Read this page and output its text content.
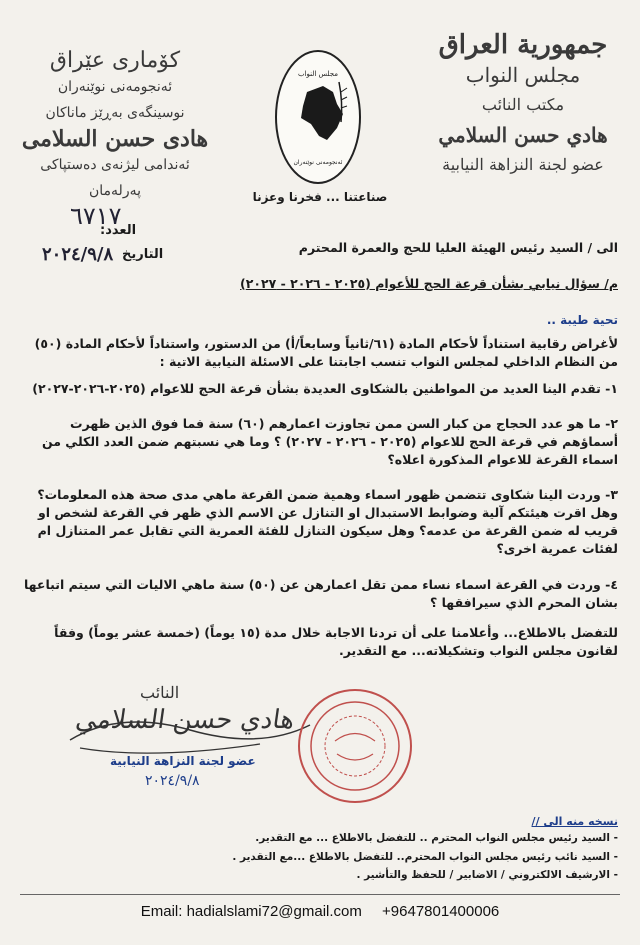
جمهورية العراق
مجلس النواب
مكتب النائب
هادي حسن السلامي
عضو لجنة النزاهة النيابية
کۆماری عێراق
ئەنجومەنی نوێنەران
نوسینگەی بەڕێز ماناکان
هادی حسن السلامی
ئەندامی لیژنەی دەستپاکی پەرلەمان
مجلس النواب
ئەنجومەنی نوێنەران
صناعتنا ... فخرنا وعزنا
٦٧١٧
العدد:
٢٠٢٤/٩/٨ التاريخ	الى / السيد رئيس الهيئة العليا للحج والعمرة المحترم
م/ سؤال نيابي بشأن قرعة الحج للأعوام (٢٠٢٥ - ٢٠٢٦ - ٢٠٢٧)
تحية طيبة ..
لأغراض رقابية استناداً لأحكام المادة (٦١/ثانياً وسابعاً/أ) من الدستور، واستناداً لأحكام المادة (٥٠) من النظام الداخلي لمجلس النواب تنسب اجابتنا على الاسئلة النيابية الاتية :
١- تقدم الينا العديد من المواطنين بالشكاوى العديدة بشأن قرعة الحج للاعوام (٢٠٢٥-٢٠٢٦-٢٠٢٧)
٢- ما هو عدد الحجاج من كبار السن ممن تجاوزت اعمارهم (٦٠) سنة فما فوق الذين ظهرت أسماؤهم في قرعة الحج للاعوام (٢٠٢٥ - ٢٠٢٦ - ٢٠٢٧) ؟ وما هي نسبتهم ضمن العدد الكلي من اسماء القرعة للاعوام المذكورة اعلاه؟
٣- وردت الينا شكاوى تتضمن ظهور اسماء وهمية ضمن القرعة ماهي مدى صحة هذه المعلومات؟ وهل اقرت هيئتكم آلية وضوابط الاستبدال او التنازل عن الاسم الذي ظهر في القرعة لشخص او قريب له ضمن القرعة من عدمه؟ وهل سيكون التنازل للفئة العمرية التي تقابل عمر المتنازل ام لفئات عمرية اخرى؟
٤- وردت في القرعة اسماء نساء ممن تقل اعمارهن عن (٥٠) سنة ماهي الاليات التي سيتم اتباعها بشان المحرم الذي سيرافقها ؟
للتفضل بالاطلاع... وأعلامنا على أن تردنا الاجابة خلال مدة (١٥ يوماً) (خمسة عشر يوماً) وفقاً لقانون مجلس النواب وتشكيلاته... مع التقدير.
النائب
هادي حسن السلامي
عضو لجنة النزاهة النيابية
٢٠٢٤/٩/٨
نسخه منه الى //
- السيد رئيس مجلس النواب المحترم .. للتفضل بالاطلاع ... مع التقدير.
- السيد نائب رئيس مجلس النواب المحترم.. للتفضل بالاطلاع ...مع التقدير .
- الارشيف الالكتروني / الاضابير / للحفظ والتأشير .
Email: hadialslami72@gmail.com +9647801400006
